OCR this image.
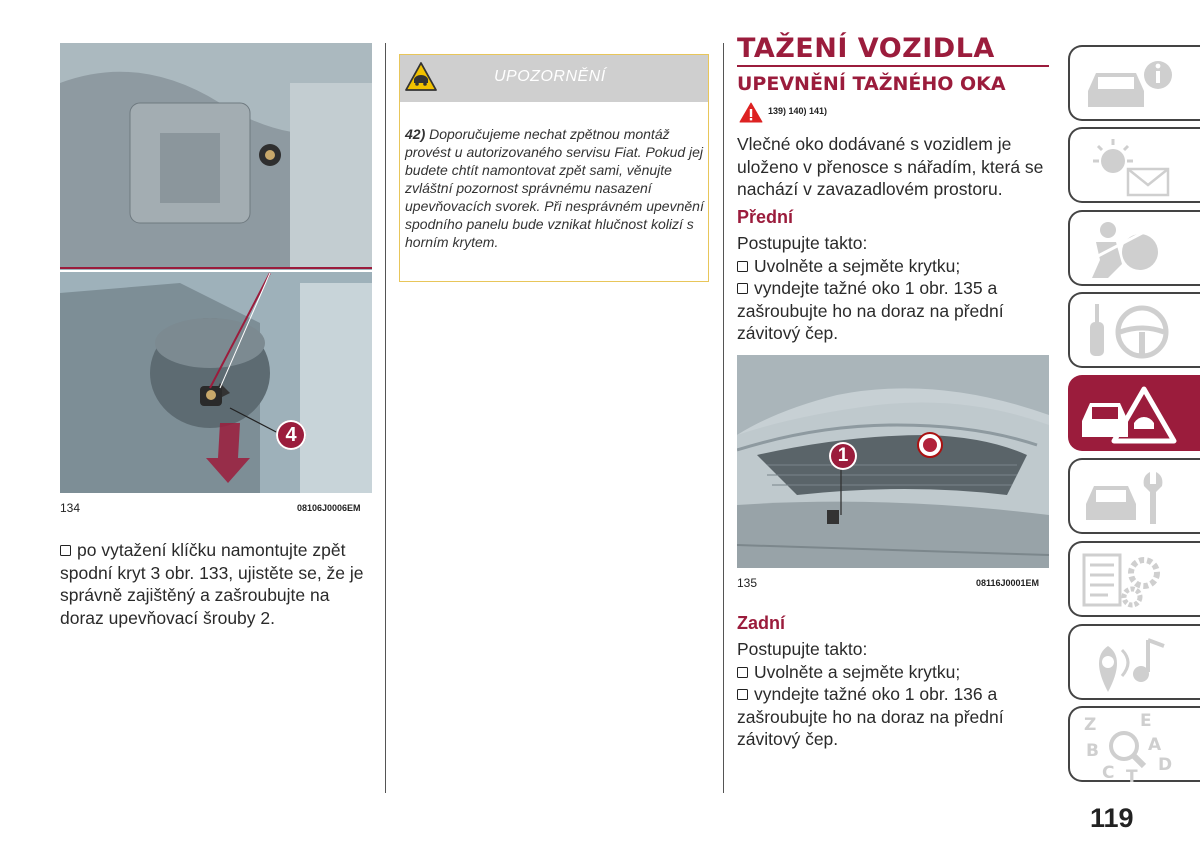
4
134	08106J0006EM
po vytažení klíčku namontujte zpět spodní kryt 3 obr. 133, ujistěte se, že je správně zajištěný a zašroubujte na doraz upevňovací šrouby 2.
UPOZORNĚNÍ
42) Doporučujeme nechat zpětnou montáž provést u autorizovaného servisu Fiat. Pokud jej budete chtít namontovat zpět sami, věnujte zvláštní pozornost správnému nasazení upevňovacích svorek. Při nesprávném upevnění spodního panelu bude vznikat hlučnost kolizí s horním krytem.
TAŽENÍ VOZIDLA
UPEVNĚNÍ TAŽNÉHO OKA
139) 140) 141)
Vlečné oko dodávané s vozidlem je uloženo v přenosce s nářadím, která se nachází v zavazadlovém prostoru.
Přední
Postupujte takto:
Uvolněte a sejměte krytku;
vyndejte tažné oko 1 obr. 135 a zašroubujte ho na doraz na přední závitový čep.
1
135	08116J0001EM
Zadní
Postupujte takto:
Uvolněte a sejměte krytku;
vyndejte tažné oko 1 obr. 136 a zašroubujte ho na doraz na přední závitový čep.
Z	E
B	A
C T
D
119
